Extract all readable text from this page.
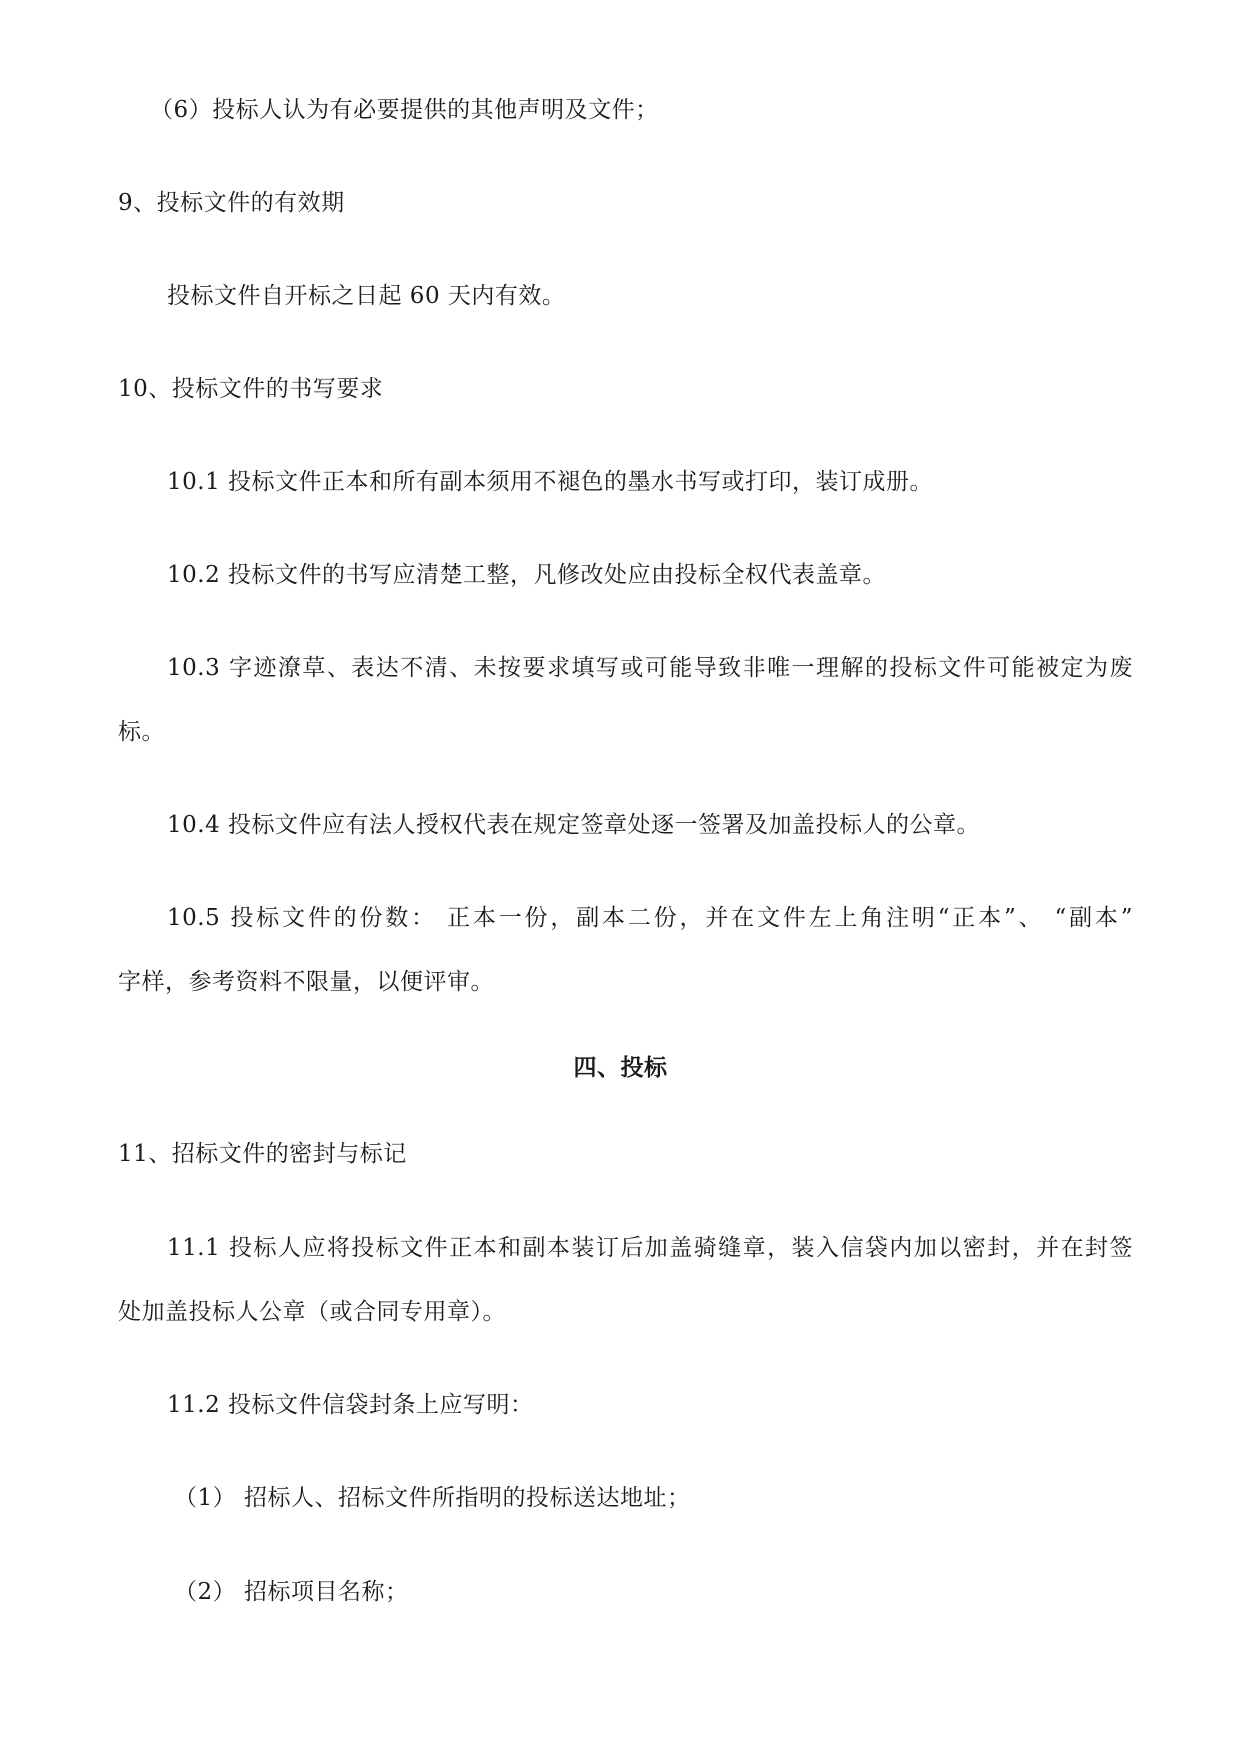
（6）投标人认为有必要提供的其他声明及文件；
9、投标文件的有效期
投标文件自开标之日起 60 天内有效。
10、投标文件的书写要求
10.1 投标文件正本和所有副本须用不褪色的墨水书写或打印，装订成册。
10.2 投标文件的书写应清楚工整，凡修改处应由投标全权代表盖章。
10.3 字迹潦草、表达不清、未按要求填写或可能导致非唯一理解的投标文件可能被定为废
标。
10.4 投标文件应有法人授权代表在规定签章处逐一签署及加盖投标人的公章。
10.5 投标文件的份数： 正本一份，副本二份，并在文件左上角注明“正本”、 “副本”
字样，参考资料不限量，以便评审。
四、投标
11、招标文件的密封与标记
11.1 投标人应将投标文件正本和副本装订后加盖骑缝章，装入信袋内加以密封，并在封签
处加盖投标人公章（或合同专用章）。
11.2 投标文件信袋封条上应写明：
（1） 招标人、招标文件所指明的投标送达地址；
（2） 招标项目名称；
